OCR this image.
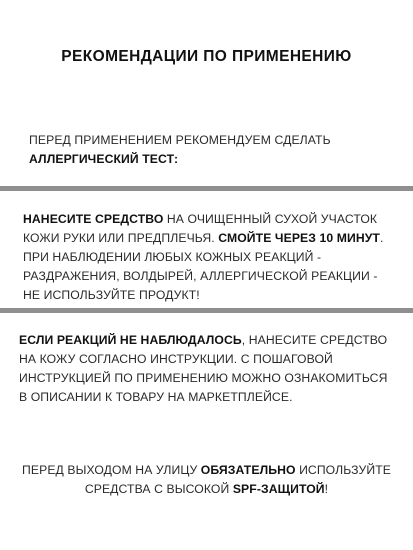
РЕКОМЕНДАЦИИ ПО ПРИМЕНЕНИЮ
ПЕРЕД ПРИМЕНЕНИЕМ РЕКОМЕНДУЕМ СДЕЛАТЬ
АЛЛЕРГИЧЕСКИЙ ТЕСТ:
НАНЕСИТЕ СРЕДСТВО НА ОЧИЩЕННЫЙ СУХОЙ УЧАСТОК
КОЖИ РУКИ ИЛИ ПРЕДПЛЕЧЬЯ. СМОЙТЕ ЧЕРЕЗ 10 МИНУТ.
ПРИ НАБЛЮДЕНИИ ЛЮБЫХ КОЖНЫХ РЕАКЦИЙ -
РАЗДРАЖЕНИЯ, ВОЛДЫРЕЙ, АЛЛЕРГИЧЕСКОЙ РЕАКЦИИ -
НЕ ИСПОЛЬЗУЙТЕ ПРОДУКТ!
ЕСЛИ РЕАКЦИЙ НЕ НАБЛЮДАЛОСЬ, НАНЕСИТЕ СРЕДСТВО
НА КОЖУ СОГЛАСНО ИНСТРУКЦИИ. С ПОШАГОВОЙ
ИНСТРУКЦИЕЙ ПО ПРИМЕНЕНИЮ МОЖНО ОЗНАКОМИТЬСЯ
В ОПИСАНИИ К ТОВАРУ НА МАРКЕТПЛЕЙСЕ.
ПЕРЕД ВЫХОДОМ НА УЛИЦУ ОБЯЗАТЕЛЬНО ИСПОЛЬЗУЙТЕ
СРЕДСТВА С ВЫСОКОЙ SPF-ЗАЩИТОЙ!
